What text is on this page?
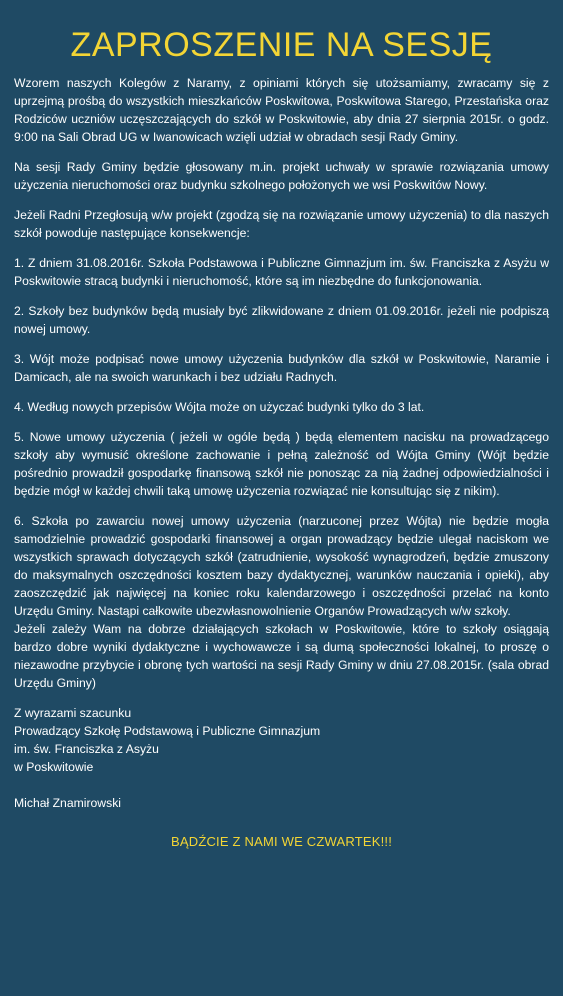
ZAPROSZENIE NA SESJĘ

Wzorem naszych Kolegów z Naramy, z opiniami których się utożsamiamy, zwracamy się z uprzejmą prośbą do wszystkich mieszkańców Poskwitowa, Poskwitowa Starego, Przestańska oraz Rodziców uczniów uczęszczających do szkół w Poskwitowie, aby dnia 27 sierpnia 2015r. o godz. 9:00 na Sali Obrad UG w Iwanowicach wzięli udział w obradach sesji Rady Gminy.

Na sesji Rady Gminy będzie głosowany m.in. projekt uchwały w sprawie rozwiązania umowy użyczenia nieruchomości oraz budynku szkolnego położonych we wsi Poskwitów Nowy.

Jeżeli Radni Przegłosują w/w projekt (zgodzą się na rozwiązanie umowy użyczenia) to dla naszych szkół powoduje następujące konsekwencje:

1. Z dniem 31.08.2016r. Szkoła Podstawowa i Publiczne Gimnazjum im. św. Franciszka z Asyżu w Poskwitowie stracą budynki i nieruchomość, które są im niezbędne do funkcjonowania.

2. Szkoły bez budynków będą musiały być zlikwidowane z dniem 01.09.2016r. jeżeli nie podpiszą nowej umowy.

3. Wójt może podpisać nowe umowy użyczenia budynków dla szkół w Poskwitowie, Naramie i Damicach, ale na swoich warunkach i bez udziału Radnych.

4. Według nowych przepisów Wójta może on użyczać budynki tylko do 3 lat.

5. Nowe umowy użyczenia ( jeżeli w ogóle będą ) będą elementem nacisku na prowadzącego szkoły aby wymusić określone zachowanie i pełną zależność od Wójta Gminy (Wójt będzie pośrednio prowadził gospodarkę finansową szkół nie ponosząc za nią żadnej odpowiedzialności i będzie mógł w każdej chwili taką umowę użyczenia rozwiązać nie konsultując się z nikim).

6. Szkoła po zawarciu nowej umowy użyczenia (narzuconej przez Wójta) nie będzie mogła samodzielnie prowadzić gospodarki finansowej a organ prowadzący będzie ulegał naciskom we wszystkich sprawach dotyczących szkół (zatrudnienie, wysokość wynagrodzeń, będzie zmuszony do maksymalnych oszczędności kosztem bazy dydaktycznej, warunków nauczania i opieki), aby zaoszczędzić jak najwięcej na koniec roku kalendarzowego i oszczędności przelać na konto Urzędu Gminy. Nastąpi całkowite ubezwłasnowolnienie Organów Prowadzących w/w szkoły.

Jeżeli zależy Wam na dobrze działających szkołach w Poskwitowie, które to szkoły osiągają bardzo dobre wyniki dydaktyczne i wychowawcze i są dumą społeczności lokalnej, to proszę o niezawodne przybycie i obronę tych wartości na sesji Rady Gminy w dniu 27.08.2015r. (sala obrad Urzędu Gminy)

Z wyrazami szacunku
Prowadzący Szkołę Podstawową i Publiczne Gimnazjum
im. św. Franciszka z Asyżu
w Poskwitowie
Michał Znamirowski
BĄDŹCIE Z NAMI WE CZWARTEK!!!
